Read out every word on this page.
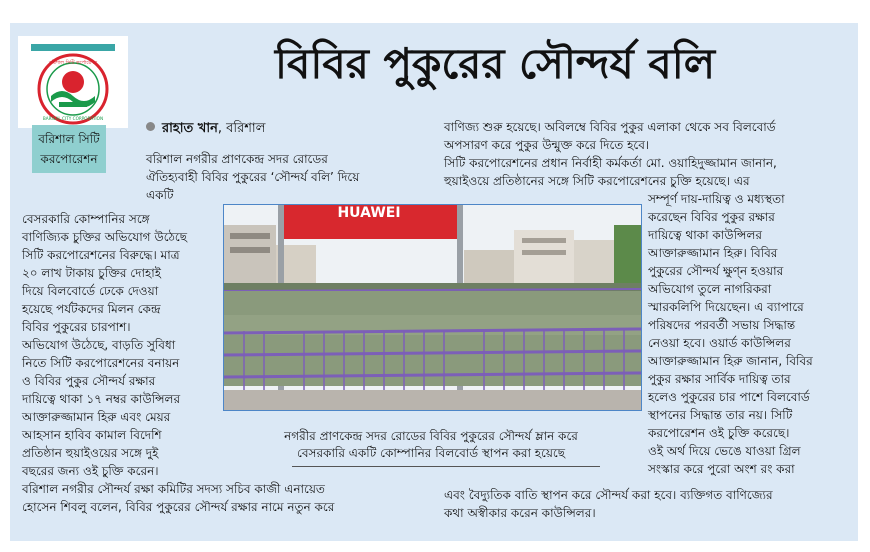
বরিশাল সিটি কর্পোরেশন
BARISAL CITY CORPORATION
বরিশাল সিটি
করপোরেশন
বিবির পুকুরের সৌন্দর্য বলি
রাহাত খান, বরিশাল
বরিশাল নগরীর প্রাণকেন্দ্র সদর রোডের
ঐতিহ্যবাহী বিবির পুকুরের ‘সৌন্দর্য বলি’ দিয়ে
একটি
বেসরকারি কোম্পানির সঙ্গে
বাণিজ্যিক চুক্তির অভিযোগ উঠেছে
সিটি করপোরেশনের বিরুদ্ধে। মাত্র
২০ লাখ টাকায় চুক্তির দোহাই
দিয়ে বিলবোর্ডে ঢেকে দেওয়া
হয়েছে পর্যটকদের মিলন কেন্দ্র
বিবির পুকুরের চারপাশ।
অভিযোগ উঠেছে, বাড়তি সুবিধা
নিতে সিটি করপোরেশনের বনায়ন
ও বিবির পুকুর সৌন্দর্য রক্ষার
দায়িত্বে থাকা ১৭ নম্বর কাউন্সিলর
আক্তারুজ্জামান হিরু এবং মেয়র
আহসান হাবিব কামাল বিদেশি
প্রতিষ্ঠান হুয়াইওয়ের সঙ্গে দুই
বছরের জন্য ওই চুক্তি করেন।
বরিশাল নগরীর সৌন্দর্য রক্ষা কমিটির সদস্য সচিব কাজী এনায়েত
হোসেন শিবলু বলেন, বিবির পুকুরের সৌন্দর্য রক্ষার নামে নতুন করে
বাণিজ্য শুরু হয়েছে। অবিলম্বে বিবির পুকুর এলাকা থেকে সব বিলবোর্ড
অপসারণ করে পুকুর উন্মুক্ত করে দিতে হবে।
সিটি করপোরেশনের প্রধান নির্বাহী কর্মকর্তা মো. ওয়াহিদুজ্জামান জানান,
হুয়াইওয়ে প্রতিষ্ঠানের সঙ্গে সিটি করপোরেশনের চুক্তি হয়েছে। এর
সম্পূর্ণ দায়-দায়িত্ব ও মধ্যস্থতা
করেছেন বিবির পুকুর রক্ষার
দায়িত্বে থাকা কাউন্সিলর
আক্তারুজ্জামান হিরু। বিবির
পুকুরের সৌন্দর্য ক্ষুণ্ন হওয়ার
অভিযোগ তুলে নাগরিকরা
স্মারকলিপি দিয়েছেন। এ ব্যাপারে
পরিষদের পরবর্তী সভায় সিদ্ধান্ত
নেওয়া হবে। ওয়ার্ড কাউন্সিলর
আক্তারুজ্জামান হিরু জানান, বিবির
পুকুর রক্ষার সার্বিক দায়িত্ব তার
হলেও পুকুরের চার পাশে বিলবোর্ড
স্থাপনের সিদ্ধান্ত তার নয়। সিটি
করপোরেশন ওই চুক্তি করেছে।
ওই অর্থ দিয়ে ভেঙে যাওয়া গ্রিল
সংস্কার করে পুরো অংশ রং করা
এবং বৈদ্যুতিক বাতি স্থাপন করে সৌন্দর্য করা হবে। ব্যক্তিগত বাণিজ্যের
কথা অস্বীকার করেন কাউন্সিলর।
HUAWEI
নগরীর প্রাণকেন্দ্র সদর রোডের বিবির পুকুরের সৌন্দর্য ম্লান করে
বেসরকারি একটি কোম্পানির বিলবোর্ড স্থাপন করা হয়েছে
